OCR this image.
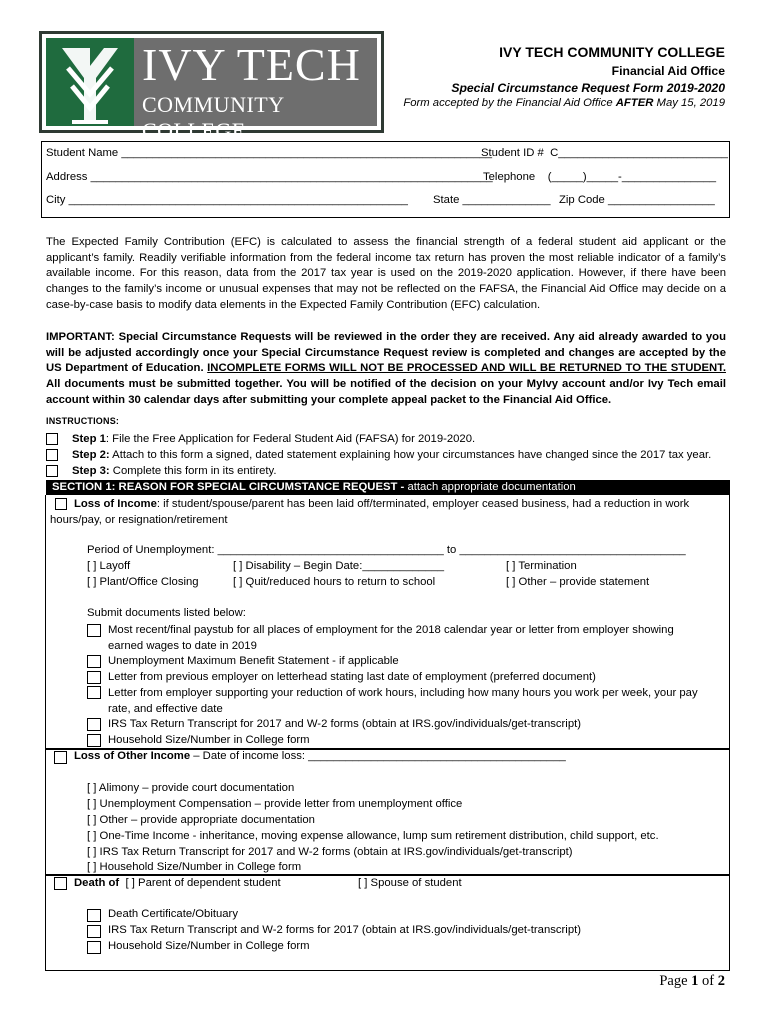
IVY TECH
COMMUNITY COLLEGE
IVY TECH COMMUNITY COLLEGE
Financial Aid Office
Special Circumstance Request Form 2019-2020
Form accepted by the Financial Aid Office AFTER May 15, 2019
Student Name ___________________________________________________________
Student ID # C___________________________
Address ________________________________________________________________
Telephone (_____)_____-_______________
City ______________________________________________________ State ______________ Zip Code _________________
The Expected Family Contribution (EFC) is calculated to assess the financial strength of a federal student aid applicant or the applicant’s family. Readily verifiable information from the federal income tax return has proven the most reliable indicator of a family’s available income. For this reason, data from the 2017 tax year is used on the 2019-2020 application. However, if there have been changes to the family’s income or unusual expenses that may not be reflected on the FAFSA, the Financial Aid Office may decide on a case-by-case basis to modify data elements in the Expected Family Contribution (EFC) calculation.
IMPORTANT: Special Circumstance Requests will be reviewed in the order they are received. Any aid already awarded to you will be adjusted accordingly once your Special Circumstance Request review is completed and changes are accepted by the US Department of Education. INCOMPLETE FORMS WILL NOT BE PROCESSED AND WILL BE RETURNED TO THE STUDENT. All documents must be submitted together. You will be notified of the decision on your MyIvy account and/or Ivy Tech email account within 30 calendar days after submitting your complete appeal packet to the Financial Aid Office.
INSTRUCTIONS:
Step 1: File the Free Application for Federal Student Aid (FAFSA) for 2019-2020.
Step 2: Attach to this form a signed, dated statement explaining how your circumstances have changed since the 2017 tax year.
Step 3: Complete this form in its entirety.
SECTION 1: REASON FOR SPECIAL CIRCUMSTANCE REQUEST - attach appropriate documentation
Loss of Income: if student/spouse/parent has been laid off/terminated, employer ceased business, had a reduction in work hours/pay, or resignation/retirement
Period of Unemployment: ____________________________________ to ____________________________________
[ ] Layoff	[ ] Disability – Begin Date:_____________	[ ] Termination
[ ] Plant/Office Closing	[ ] Quit/reduced hours to return to school	[ ] Other – provide statement
Submit documents listed below:
Most recent/final paystub for all places of employment for the 2018 calendar year or letter from employer showing earned wages to date in 2019
Unemployment Maximum Benefit Statement - if applicable
Letter from previous employer on letterhead stating last date of employment (preferred document)
Letter from employer supporting your reduction of work hours, including how many hours you work per week, your pay rate, and effective date
IRS Tax Return Transcript for 2017 and W-2 forms (obtain at IRS.gov/individuals/get-transcript)
Household Size/Number in College form
Loss of Other Income – Date of income loss: _________________________________________
[ ] Alimony – provide court documentation
[ ] Unemployment Compensation – provide letter from unemployment office
[ ] Other – provide appropriate documentation
[ ] One-Time Income - inheritance, moving expense allowance, lump sum retirement distribution, child support, etc.
[ ] IRS Tax Return Transcript for 2017 and W-2 forms (obtain at IRS.gov/individuals/get-transcript)
[ ] Household Size/Number in College form
Death of [ ] Parent of dependent student	[ ] Spouse of student
Death Certificate/Obituary
IRS Tax Return Transcript and W-2 forms for 2017 (obtain at IRS.gov/individuals/get-transcript)
Household Size/Number in College form
Page 1 of 2
